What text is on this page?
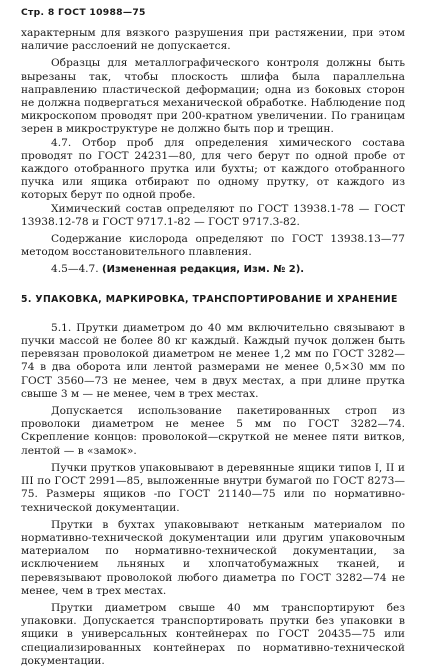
Стр. 8 ГОСТ 10988—75

характерным для вязкого разрушения при растяжении, при этом наличие расслоений не допускается.

Образцы для металлографического контроля должны быть вырезаны так, чтобы плоскость шлифа была параллельна направлению пластической деформации; одна из боковых сторон не должна подвергаться механической обработке. Наблюдение под микроскопом проводят при 200-кратном увеличении. По границам зерен в микроструктуре не должно быть пор и трещин.

4.7. Отбор проб для определения химического состава проводят по ГОСТ 24231—80, для чего берут по одной пробе от каждого отобранного прутка или бухты; от каждого отобранного пучка или ящика отбирают по одному прутку, от каждого из которых берут по одной пробе.

Химический состав определяют по ГОСТ 13938.1-78 — ГОСТ 13938.12-78 и ГОСТ 9717.1-82 — ГОСТ 9717.3-82.

Содержание кислорода определяют по ГОСТ 13938.13—77 методом восстановительного плавления.

4.5—4.7. (Измененная редакция, Изм. № 2).

5. УПАКОВКА, МАРКИРОВКА, ТРАНСПОРТИРОВАНИЕ И ХРАНЕНИЕ

5.1. Прутки диаметром до 40 мм включительно связывают в пучки массой не более 80 кг каждый. Каждый пучок должен быть перевязан проволокой диаметром не менее 1,2 мм по ГОСТ 3282—74 в два оборота или лентой размерами не менее 0,5×30 мм по ГОСТ 3560—73 не менее, чем в двух местах, а при длине прутка свыше 3 м — не менее, чем в трех местах.

Допускается использование пакетированных строп из проволоки диаметром не менее 5 мм по ГОСТ 3282—74. Скрепление концов: проволокой—скруткой не менее пяти витков, лентой — в «замок».

Пучки прутков упаковывают в деревянные ящики типов I, II и III по ГОСТ 2991—85, выложенные внутри бумагой по ГОСТ 8273—75. Размеры ящиков -по ГОСТ 21140—75 или по нормативно-технической документации.

Прутки в бухтах упаковывают нетканым материалом по нормативно-технической документации или другим упаковочным материалом по нормативно-технической документации, за исключением льняных и хлопчатобумажных тканей, и перевязывают проволокой любого диаметра по ГОСТ 3282—74 не менее, чем в трех местах.

Прутки диаметром свыше 40 мм транспортируют без упаковки. Допускается транспортировать прутки без упаковки в ящики в универсальных контейнерах по ГОСТ 20435—75 или специализированных контейнерах по нормативно-технической документации.
